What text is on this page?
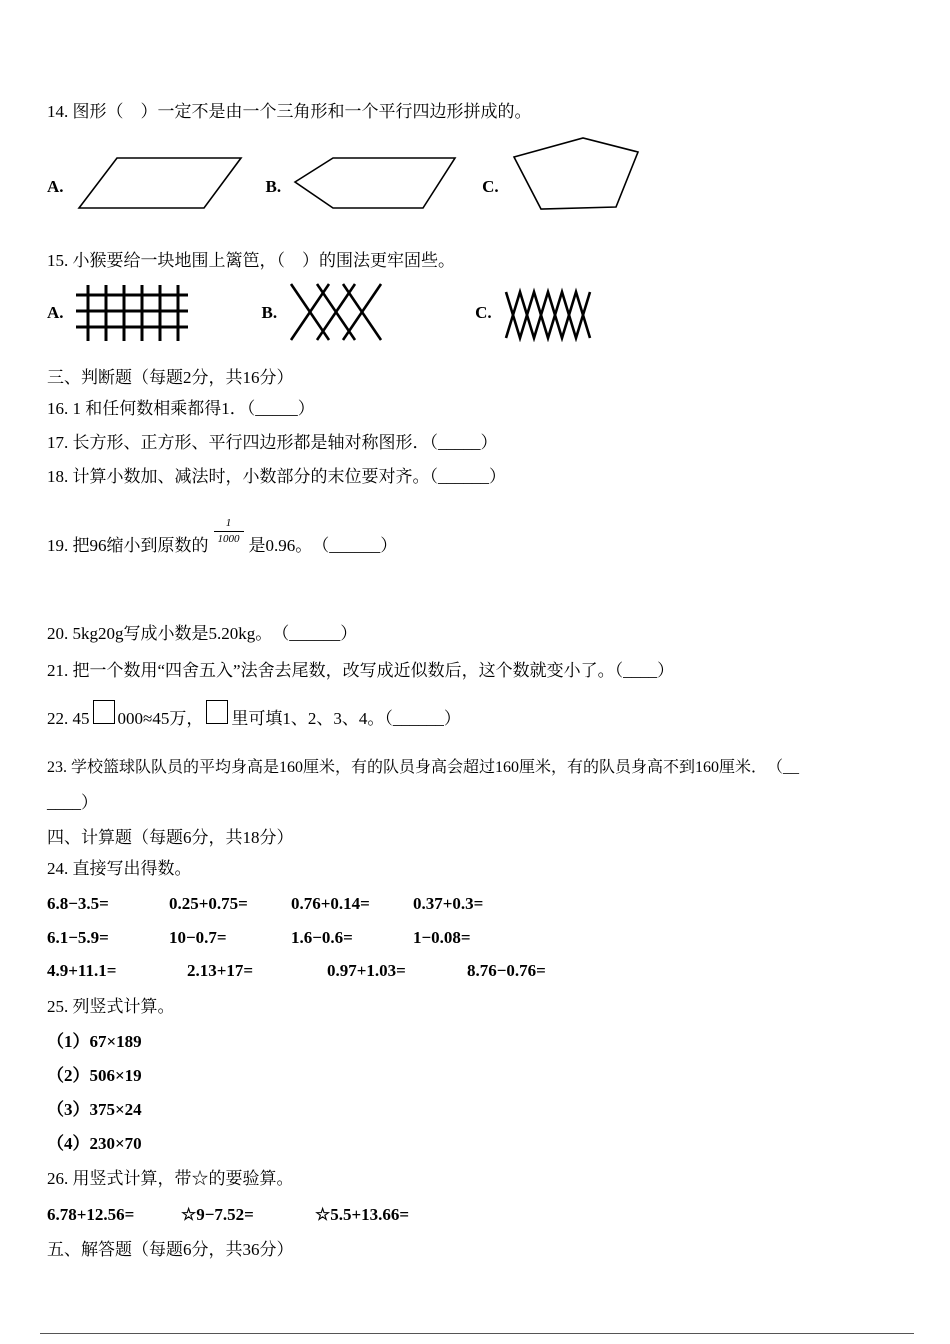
14. 图形（　）一定不是由一个三角形和一个平行四边形拼成的。
A.	B.	C.
15. 小猴要给一块地围上篱笆，（　）的围法更牢固些。
A.	B.	C.
三、判断题（每题2分，共16分）
16. 1 和任何数相乘都得1．（_____）
17. 长方形、正方形、平行四边形都是轴对称图形．（_____）
18. 计算小数加、减法时，小数部分的末位要对齐。（______）
19. 把96缩小到原数的
$\frac{1}{1000}$
是0.96。　（______）
20. 5kg20g写成小数是5.20kg。　（______）
21. 把一个数用“四舍五入”法舍去尾数，改写成近似数后，这个数就变小了。（____）
22. 45 000≈45万， 里可填1、2、3、4。（______）
23. 学校篮球队队员的平均身高是160厘米，有的队员身高会超过160厘米，有的队员身高不到160厘米．　（__
____）
四、计算题（每题6分，共18分）
24. 直接写出得数。
6.8−3.5=	0.25+0.75=	0.76+0.14=	0.37+0.3=
6.1−5.9=	10−0.7=	1.6−0.6=	1−0.08=
4.9+11.1=	2.13+17=	0.97+1.03=	8.76−0.76=
25. 列竖式计算。
（1）67×189
（2）506×19
（3）375×24
（4）230×70
26. 用竖式计算，带☆的要验算。
6.78+12.56=	☆9−7.52=	☆5.5+13.66=
五、解答题（每题6分，共36分）
